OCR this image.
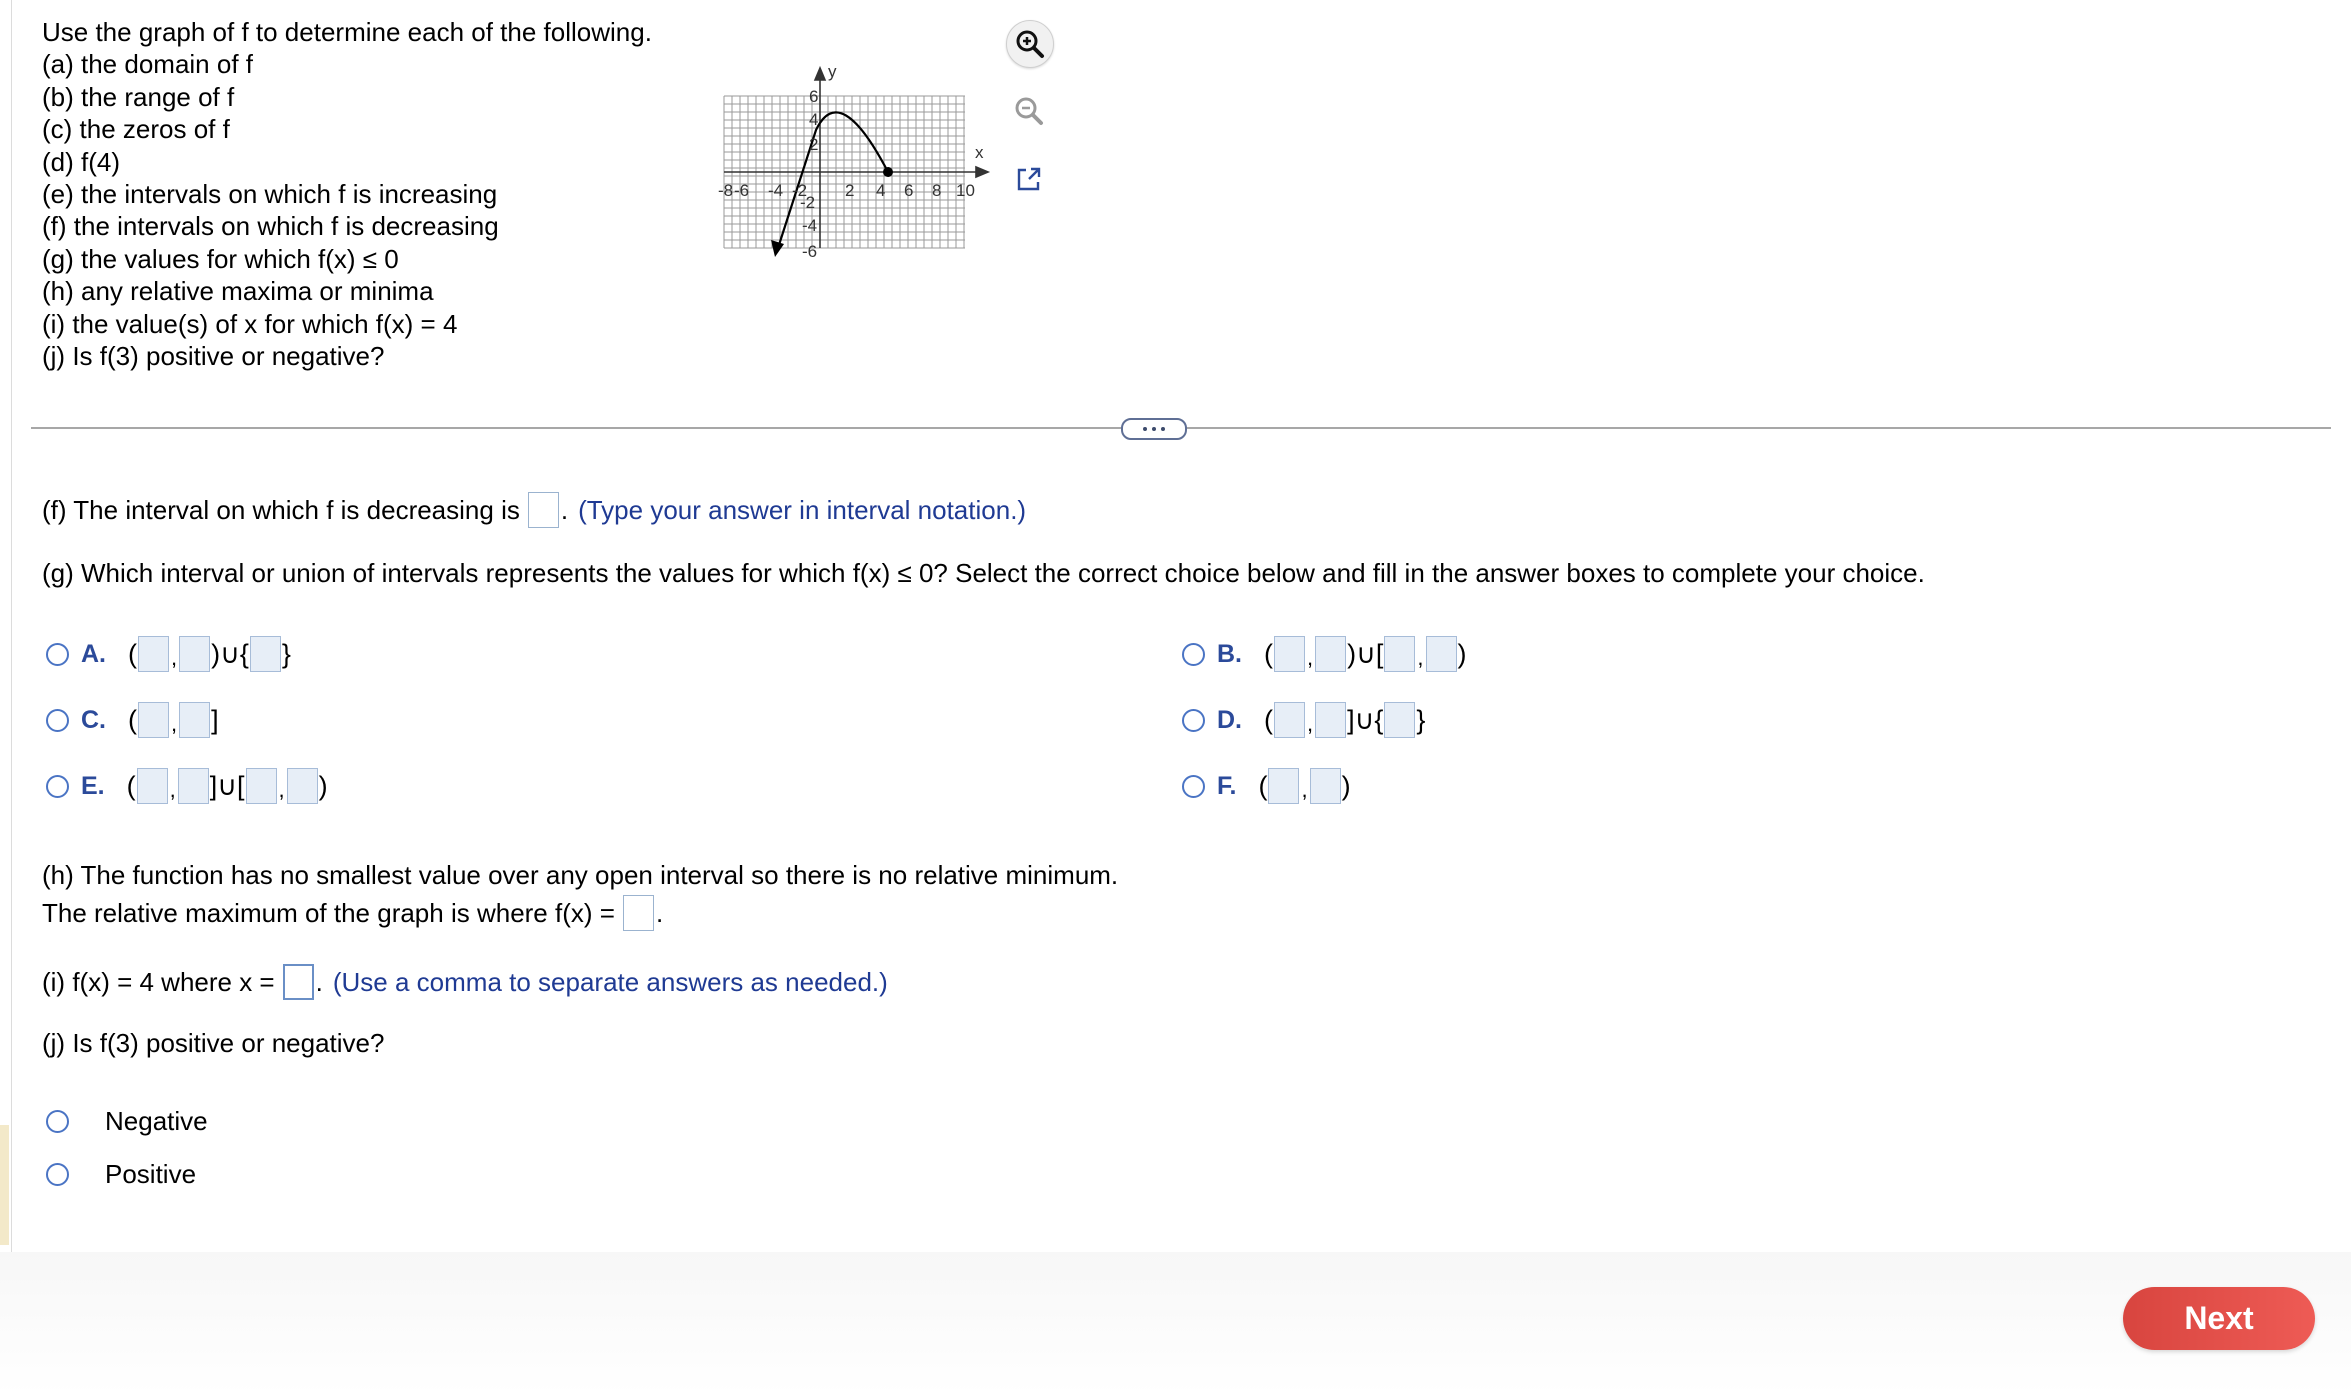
Use the graph of f to determine each of the following.
(a) the domain of f
(b) the range of f
(c) the zeros of f
(d) f(4)
(e) the intervals on which f is increasing
(f) the intervals on which f is decreasing
(g) the values for which f(x) ≤ 0
(h) any relative maxima or minima
(i) the value(s) of x for which f(x) = 4
(j) Is f(3) positive or negative?
y
x
-8 -6 -4 -2 2 4 6 8 10
6
4
2
-2
-4
-6
(f) The interval on which f is decreasing is . (Type your answer in interval notation.)
(g) Which interval or union of intervals represents the values for which f(x) ≤ 0? Select the correct choice below and fill in the answer boxes to complete your choice.
A. ( , ) ∪{ }	B. ( , ) ∪[ , )
C. ( , ]	D. ( , ] ∪{ }
E. ( , ] ∪[ , )	F. ( , )
(h) The function has no smallest value over any open interval so there is no relative minimum.
The relative maximum of the graph is where f(x) = .
(i) f(x) = 4 where x = . (Use a comma to separate answers as needed.)
(j) Is f(3) positive or negative?
Negative
Positive
Next
